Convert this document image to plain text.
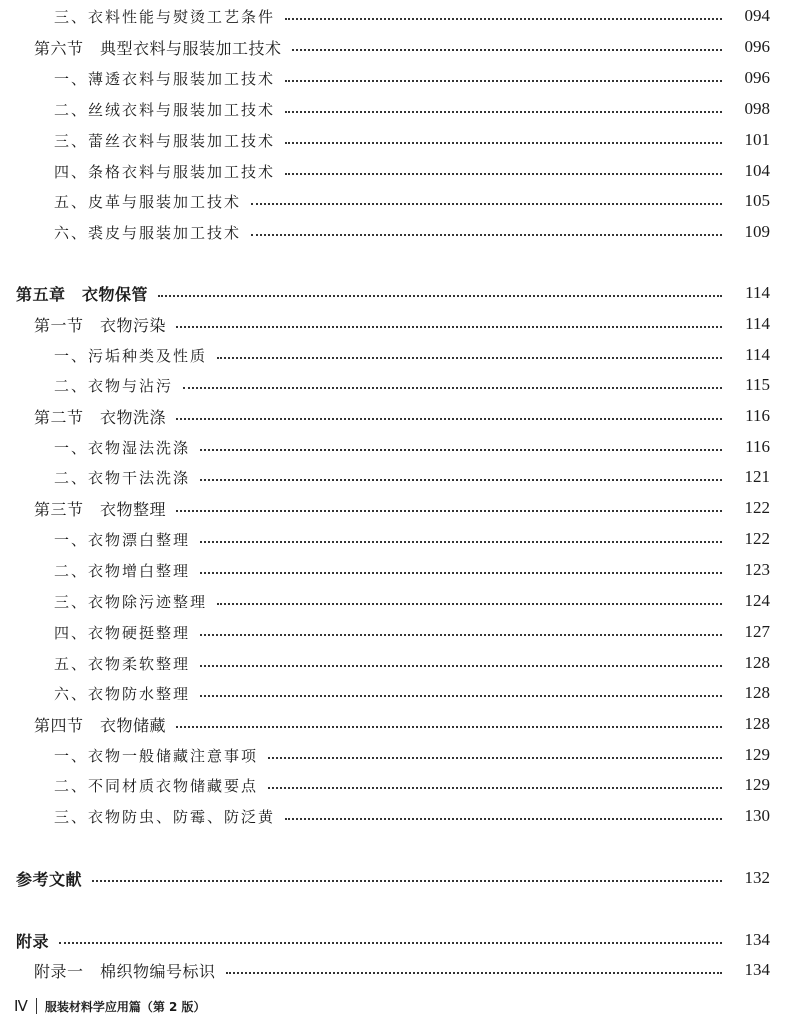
三、衣料性能与熨烫工艺条件	094
第六节　典型衣料与服装加工技术	096
一、薄透衣料与服装加工技术	096
二、丝绒衣料与服装加工技术	098
三、蕾丝衣料与服装加工技术	101
四、条格衣料与服装加工技术	104
五、皮革与服装加工技术	105
六、裘皮与服装加工技术	109
第五章　衣物保管	114
第一节　衣物污染	114
一、污垢种类及性质	114
二、衣物与沾污	115
第二节　衣物洗涤	116
一、衣物湿法洗涤	116
二、衣物干法洗涤	121
第三节　衣物整理	122
一、衣物漂白整理	122
二、衣物增白整理	123
三、衣物除污迹整理	124
四、衣物硬挺整理	127
五、衣物柔软整理	128
六、衣物防水整理	128
第四节　衣物储藏	128
一、衣物一般储藏注意事项	129
二、不同材质衣物储藏要点	129
三、衣物防虫、防霉、防泛黄	130
参考文献	132
附录	134
附录一　棉织物编号标识	134
Ⅳ 服装材料学应用篇（第 2 版）
